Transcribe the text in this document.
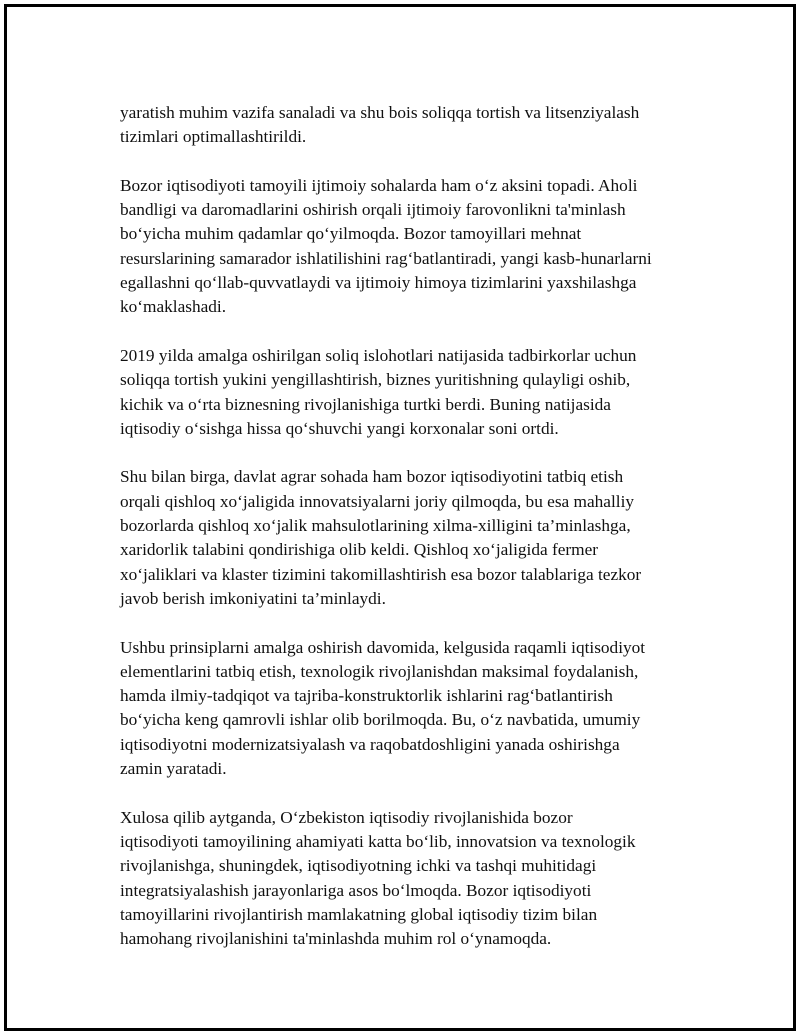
yaratish muhim vazifa sanaladi va shu bois soliqqa tortish va litsenziyalash
tizimlari optimallashtirildi.

Bozor iqtisodiyoti tamoyili ijtimoiy sohalarda ham o‘z aksini topadi. Aholi
bandligi va daromadlarini oshirish orqali ijtimoiy farovonlikni ta'minlash
bo‘yicha muhim qadamlar qo‘yilmoqda. Bozor tamoyillari mehnat
resurslarining samarador ishlatilishini rag‘batlantiradi, yangi kasb-hunarlarni
egallashni qo‘llab-quvvatlaydi va ijtimoiy himoya tizimlarini yaxshilashga
ko‘maklashadi.

2019 yilda amalga oshirilgan soliq islohotlari natijasida tadbirkorlar uchun
soliqqa tortish yukini yengillashtirish, biznes yuritishning qulayligi oshib,
kichik va o‘rta biznesning rivojlanishiga turtki berdi. Buning natijasida
iqtisodiy o‘sishga hissa qo‘shuvchi yangi korxonalar soni ortdi.

Shu bilan birga, davlat agrar sohada ham bozor iqtisodiyotini tatbiq etish
orqali qishloq xo‘jaligida innovatsiyalarni joriy qilmoqda, bu esa mahalliy
bozorlarda qishloq xo‘jalik mahsulotlarining xilma-xilligini ta’minlashga,
xaridorlik talabini qondirishiga olib keldi. Qishloq xo‘jaligida fermer
xo‘jaliklari va klaster tizimini takomillashtirish esa bozor talablariga tezkor
javob berish imkoniyatini ta’minlaydi.

Ushbu prinsiplarni amalga oshirish davomida, kelgusida raqamli iqtisodiyot
elementlarini tatbiq etish, texnologik rivojlanishdan maksimal foydalanish,
hamda ilmiy-tadqiqot va tajriba-konstruktorlik ishlarini rag‘batlantirish
bo‘yicha keng qamrovli ishlar olib borilmoqda. Bu, o‘z navbatida, umumiy
iqtisodiyotni modernizatsiyalash va raqobatdoshligini yanada oshirishga
zamin yaratadi.

Xulosa qilib aytganda, O‘zbekiston iqtisodiy rivojlanishida bozor
iqtisodiyoti tamoyilining ahamiyati katta bo‘lib, innovatsion va texnologik
rivojlanishga, shuningdek, iqtisodiyotning ichki va tashqi muhitidagi
integratsiyalashish jarayonlariga asos bo‘lmoqda. Bozor iqtisodiyoti
tamoyillarini rivojlantirish mamlakatning global iqtisodiy tizim bilan
hamohang rivojlanishini ta'minlashda muhim rol o‘ynamoqda.
